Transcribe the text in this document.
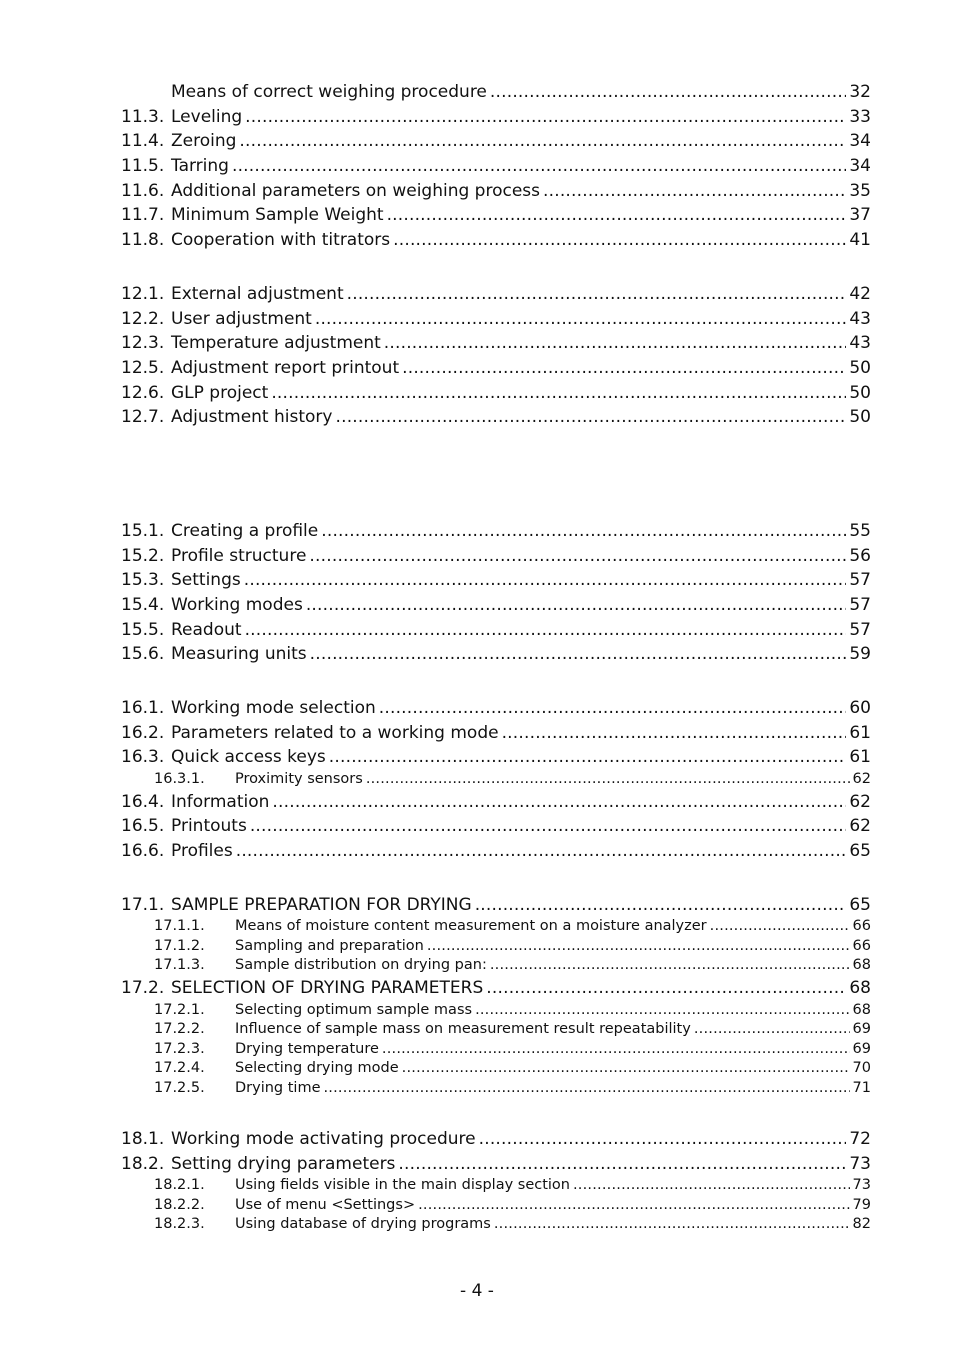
Means of correct weighing procedure .....	32
11.3. Leveling .....	33
11.4. Zeroing .....	34
11.5. Tarring .....	34
11.6. Additional parameters on weighing process .....	35
11.7. Minimum Sample Weight .....	37
11.8. Cooperation with titrators .....	41
12.1. External adjustment .....	42
12.2. User adjustment .....	43
12.3. Temperature adjustment .....	43
12.5. Adjustment report printout .....	50
12.6. GLP project .....	50
12.7. Adjustment history .....	50
15.1. Creating a profile .....	55
15.2. Profile structure .....	56
15.3. Settings .....	57
15.4. Working modes .....	57
15.5. Readout .....	57
15.6. Measuring units .....	59
16.1. Working mode selection .....	60
16.2. Parameters related to a working mode .....	61
16.3. Quick access keys .....	61
16.3.1.	Proximity sensors .....	62
16.4. Information .....	62
16.5. Printouts .....	62
16.6. Profiles .....	65
17.1. SAMPLE PREPARATION FOR DRYING .....	65
17.1.1.	Means of moisture content measurement on a moisture analyzer .....	66
17.1.2.	Sampling and preparation .....	66
17.1.3.	Sample distribution on drying pan: .....	68
17.2. SELECTION OF DRYING PARAMETERS .....	68
17.2.1.	Selecting optimum sample mass .....	68
17.2.2.	Influence of sample mass on measurement result repeatability .....	69
17.2.3.	Drying temperature .....	69
17.2.4.	Selecting drying mode .....	70
17.2.5.	Drying time .....	71
18.1. Working mode activating procedure .....	72
18.2. Setting drying parameters .....	73
18.2.1.	Using fields visible in the main display section .....	73
18.2.2.	Use of menu <Settings> .....	79
18.2.3.	Using database of drying programs .....	82
- 4 -
